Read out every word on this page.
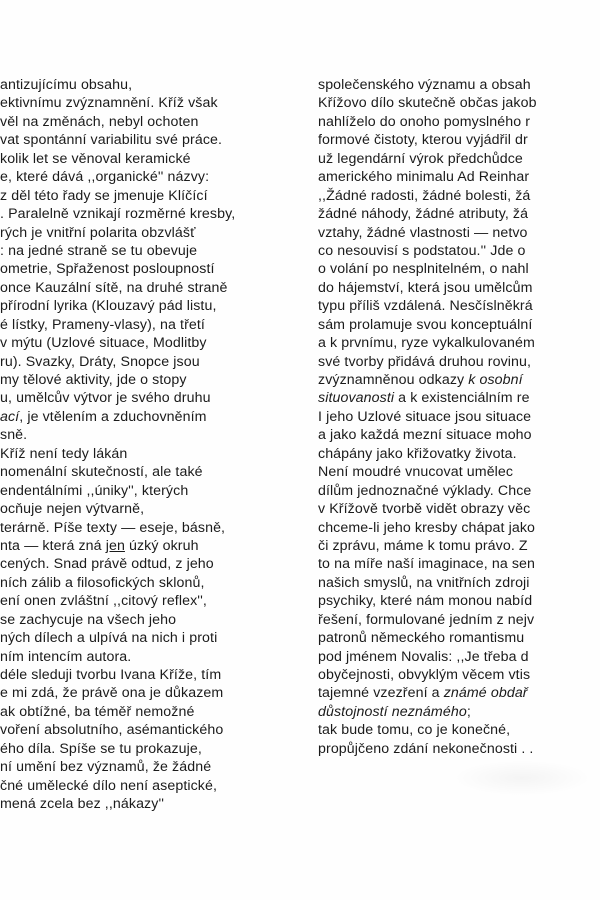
antizujícímu obsahu,
ektivnímu zvýznamnění. Kříž však
věl na změnách, nebyl ochoten
vat spontánní variabilitu své práce.
kolik let se věnoval keramické
e, které dává ,,organické'' názvy:
z děl této řady se jmenuje Klíčící
. Paralelně vznikají rozměrné kresby,
rých je vnitřní polarita obzvlášť
: na jedné straně se tu obevuje
ometrie, Spřaženost posloupností
once Kauzální sítě, na druhé straně
přírodní lyrika (Klouzavý pád listu,
é lístky, Prameny-vlasy), na třetí
v mýtu (Uzlové situace, Modlitby
ru). Svazky, Dráty, Snopce jsou
my tělové aktivity, jde o stopy
u, umělcův výtvor je svého druhu
ací, je vtělením a zduchovněním
sně.
Kříž není tedy lákán
nomenální skutečností, ale také
endentálními ,,úniky'', kterých
ocňuje nejen výtvarně,
terárně. Píše texty — eseje, básně,
nta — která zná jen úzký okruh
cených. Snad právě odtud, z jeho
ních zálib a filosofických sklonů,
ení onen zvláštní ,,citový reflex'',
se zachycuje na všech jeho
ných dílech a ulpívá na nich i proti
ním intencím autora.
déle sleduji tvorbu Ivana Kříže, tím
e mi zdá, že právě ona je důkazem
ak obtížné, ba téměř nemožné
voření absolutního, asémantického
ého díla. Spíše se tu prokazuje,
ní umění bez významů, že žádné
čné umělecké dílo není aseptické,
mená zcela bez ,,nákazy''
společenského významu a obsah
Křížovo dílo skutečně občas jakob
nahlíželo do onoho pomyslného r
formové čistoty, kterou vyjádřil dr
už legendární výrok předchůdce
amerického minimalu Ad Reinhar
,,Žádné radosti, žádné bolesti, žá
žádné náhody, žádné atributy, žá
vztahy, žádné vlastnosti — netvo
co nesouvisí s podstatou.'' Jde o
o volání po nesplnitelném, o nahl
do hájemství, která jsou umělcům
typu příliš vzdálená. Nesčíslněkrá
sám prolamuje svou konceptuální
a k prvnímu, ryze vykalkulovaném
své tvorby přidává druhou rovinu,
zvýznamněnou odkazy k osobní
situovanosti a k existenciálním re
I jeho Uzlové situace jsou situace
a jako každá mezní situace moho
chápány jako křižovatky života.
Není moudré vnucovat umělec
dílům jednoznačné výklady. Chce
v Křížově tvorbě vidět obrazy věc
chceme-li jeho kresby chápat jako
či zprávu, máme k tomu právo. Z
to na míře naší imaginace, na sen
našich smyslů, na vnitřních zdroji
psychiky, které nám monou nabíd
řešení, formulované jedním z nejv
patronů německého romantismu
pod jménem Novalis: ,,Je třeba d
obyčejnosti, obvyklým věcem vtis
tajemné vzezření a známé obdař
důstojností neznámého;
tak bude tomu, co je konečné,
propůjčeno zdání nekonečnosti . .
